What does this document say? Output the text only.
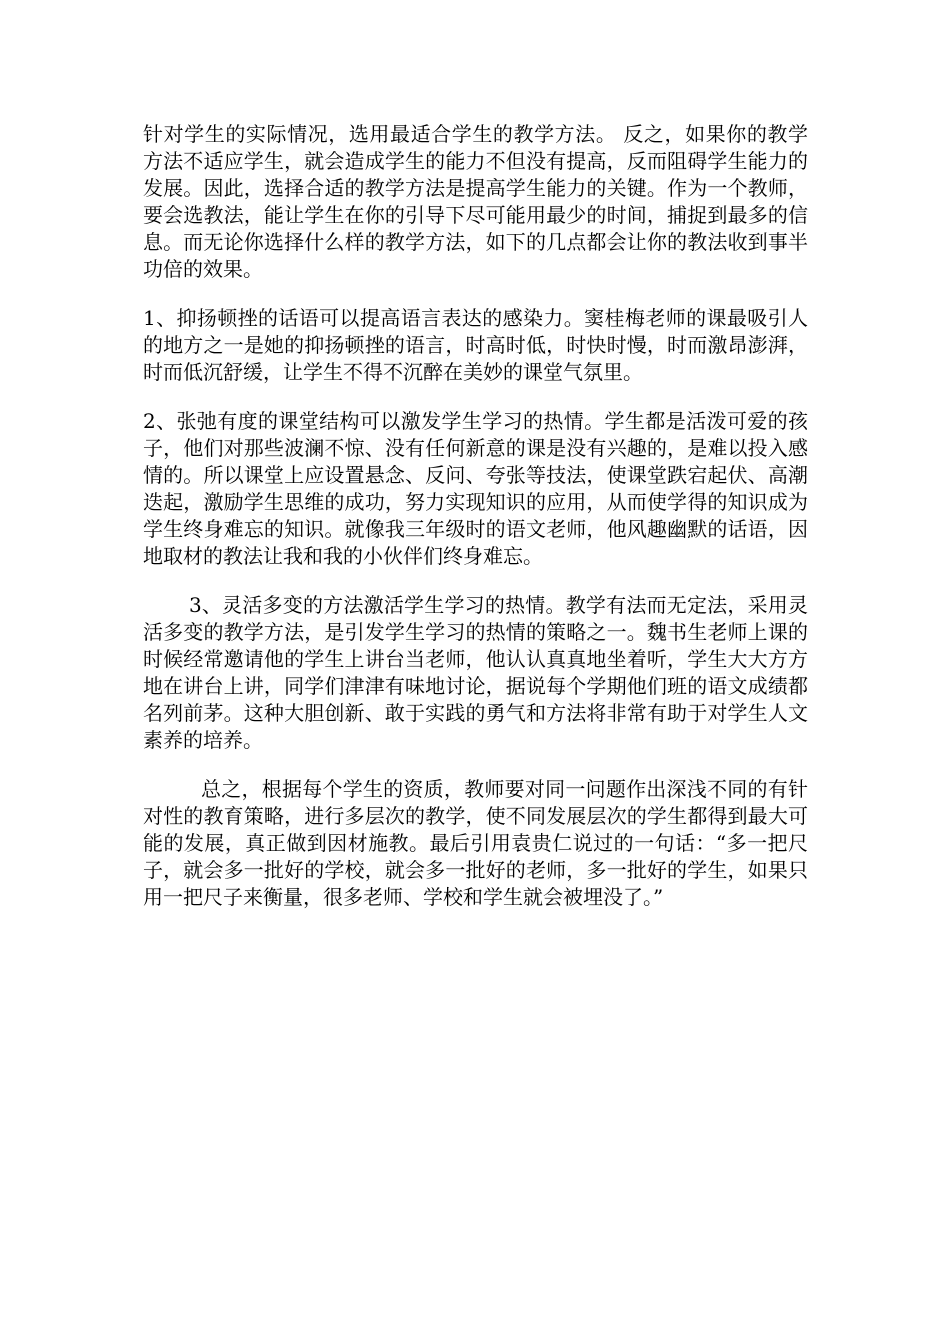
针对学生的实际情况，选用最适合学生的教学方法。 反之，如果你的教学方法不适应学生，就会造成学生的能力不但没有提高，反而阻碍学生能力的发展。因此，选择合适的教学方法是提高学生能力的关键。作为一个教师，要会选教法，能让学生在你的引导下尽可能用最少的时间，捕捉到最多的信息。而无论你选择什么样的教学方法，如下的几点都会让你的教法收到事半功倍的效果。

1、抑扬顿挫的话语可以提高语言表达的感染力。窦桂梅老师的课最吸引人的地方之一是她的抑扬顿挫的语言，时高时低，时快时慢，时而激昂澎湃，时而低沉舒缓，让学生不得不沉醉在美妙的课堂气氛里。

2、张弛有度的课堂结构可以激发学生学习的热情。学生都是活泼可爱的孩子，他们对那些波澜不惊、没有任何新意的课是没有兴趣的，是难以投入感情的。所以课堂上应设置悬念、反问、夸张等技法，使课堂跌宕起伏、高潮迭起，激励学生思维的成功，努力实现知识的应用，从而使学得的知识成为学生终身难忘的知识。就像我三年级时的语文老师，他风趣幽默的话语，因地取材的教法让我和我的小伙伴们终身难忘。

3、灵活多变的方法激活学生学习的热情。教学有法而无定法，采用灵活多变的教学方法，是引发学生学习的热情的策略之一。魏书生老师上课的时候经常邀请他的学生上讲台当老师，他认认真真地坐着听，学生大大方方地在讲台上讲，同学们津津有味地讨论，据说每个学期他们班的语文成绩都名列前茅。这种大胆创新、敢于实践的勇气和方法将非常有助于对学生人文素养的培养。

总之，根据每个学生的资质，教师要对同一问题作出深浅不同的有针对性的教育策略，进行多层次的教学，使不同发展层次的学生都得到最大可能的发展，真正做到因材施教。最后引用袁贵仁说过的一句话：“多一把尺子，就会多一批好的学校，就会多一批好的老师，多一批好的学生，如果只用一把尺子来衡量，很多老师、学校和学生就会被埋没了。”
